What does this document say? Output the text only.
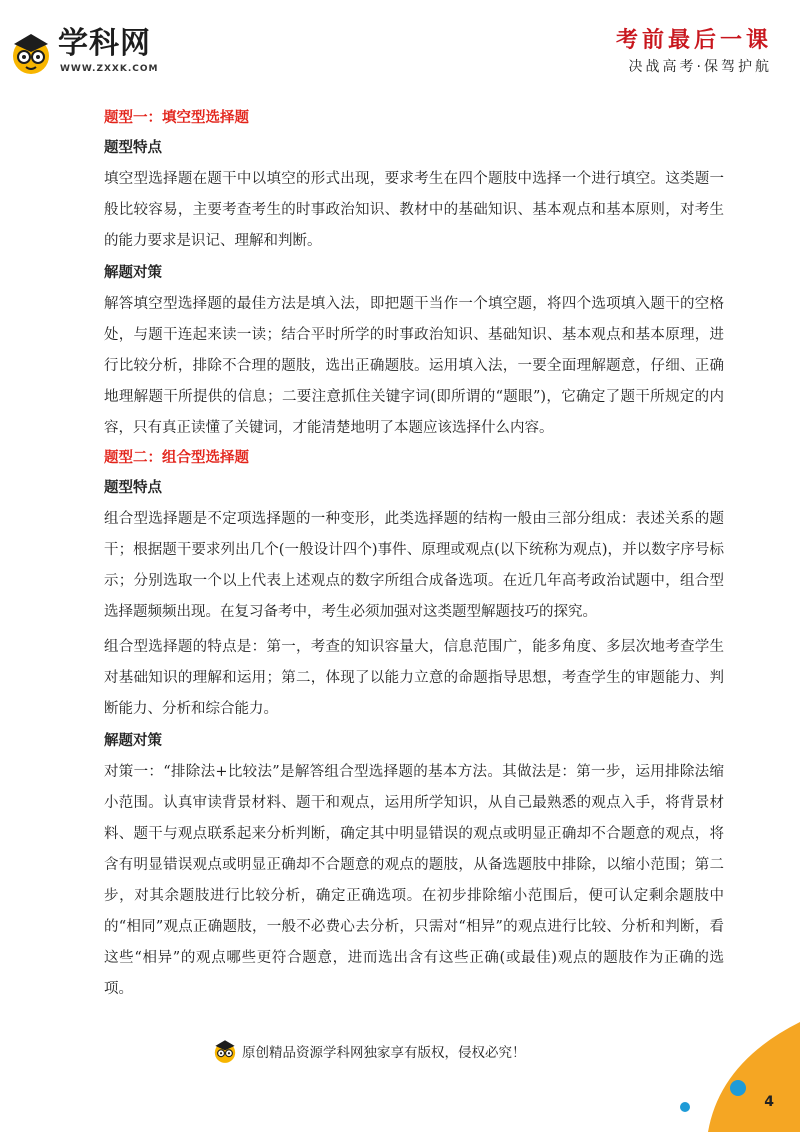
学科网
WWW.ZXXK.COM
考前最后一课
决战高考·保驾护航
题型一：填空型选择题
题型特点

填空型选择题在题干中以填空的形式出现，要求考生在四个题肢中选择一个进行填空。这类题一般比较容易，主要考查考生的时事政治知识、教材中的基础知识、基本观点和基本原则，对考生的能力要求是识记、理解和判断。

解题对策

解答填空型选择题的最佳方法是填入法，即把题干当作一个填空题，将四个选项填入题干的空格处，与题干连起来读一读；结合平时所学的时事政治知识、基础知识、基本观点和基本原理，进行比较分析，排除不合理的题肢，选出正确题肢。运用填入法，一要全面理解题意，仔细、正确地理解题干所提供的信息；二要注意抓住关键字词(即所谓的“题眼”)，它确定了题干所规定的内容，只有真正读懂了关键词，才能清楚地明了本题应该选择什么内容。

题型二：组合型选择题
题型特点

组合型选择题是不定项选择题的一种变形，此类选择题的结构一般由三部分组成：表述关系的题干；根据题干要求列出几个(一般设计四个)事件、原理或观点(以下统称为观点)，并以数字序号标示；分别选取一个以上代表上述观点的数字所组合成备选项。在近几年高考政治试题中，组合型选择题频频出现。在复习备考中，考生必须加强对这类题型解题技巧的探究。

组合型选择题的特点是：第一，考查的知识容量大，信息范围广，能多角度、多层次地考查学生对基础知识的理解和运用；第二，体现了以能力立意的命题指导思想，考查学生的审题能力、判断能力、分析和综合能力。

解题对策

对策一：“排除法+比较法”是解答组合型选择题的基本方法。其做法是：第一步，运用排除法缩小范围。认真审读背景材料、题干和观点，运用所学知识，从自己最熟悉的观点入手，将背景材料、题干与观点联系起来分析判断，确定其中明显错误的观点或明显正确却不合题意的观点，将含有明显错误观点或明显正确却不合题意的观点的题肢，从备选题肢中排除，以缩小范围；第二步，对其余题肢进行比较分析，确定正确选项。在初步排除缩小范围后，便可认定剩余题肢中的“相同”观点正确题肢，一般不必费心去分析，只需对“相异”的观点进行比较、分析和判断，看这些“相异”的观点哪些更符合题意，进而选出含有这些正确(或最佳)观点的题肢作为正确的选项。

原创精品资源学科网独家享有版权，侵权必究！
4
